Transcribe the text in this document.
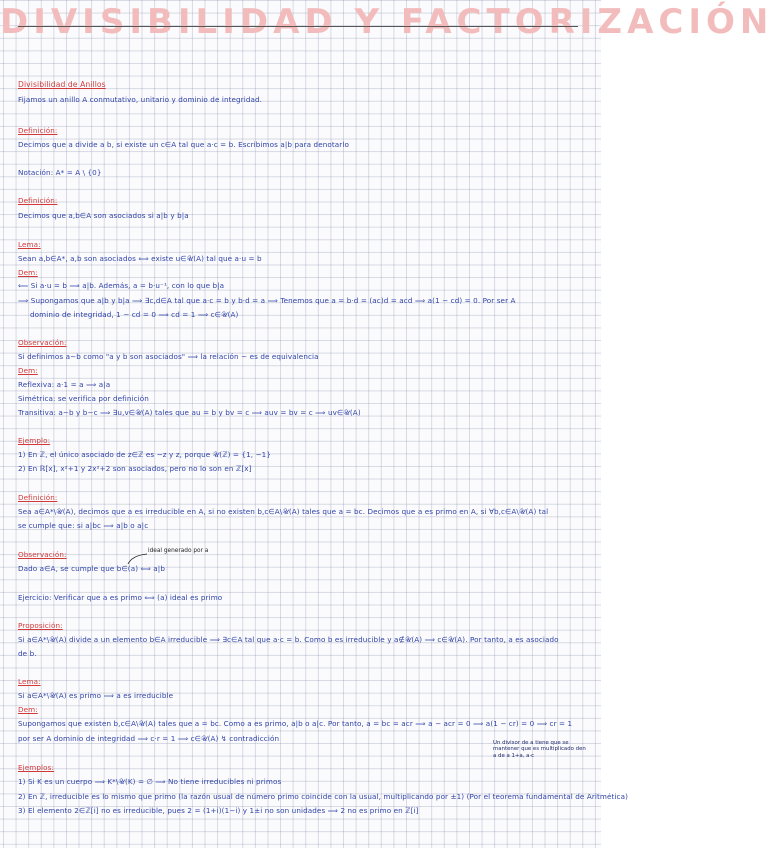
DIVISIBILIDAD Y FACTORIZACIÓN
Divisibilidad de Anillos
Fijamos un anillo A conmutativo, unitario y dominio de integridad.
Definición:
Decimos que a divide a b, si existe un c∈A tal que a·c = b. Escribimos a|b para denotarlo
Notación: A* = A \ {0}
Definición:
Decimos que a,b∈A son asociados si a|b y b|a
Lema:
Sean a,b∈A*, a,b son asociados ⟺ existe u∈𝒰(A) tal que a·u = b
Dem:
⟸ Si a·u = b ⟹ a|b. Además, a = b·u⁻¹, con lo que b|a
⟹ Supongamos que a|b y b|a ⟹ ∃c,d∈A tal que a·c = b y b·d = a ⟹ Tenemos que a = b·d = (ac)d = acd ⟹ a(1 − cd) = 0. Por ser A
dominio de integridad, 1 − cd = 0 ⟹ cd = 1 ⟹ c∈𝒰(A)
Observación:
Si definimos a∼b como "a y b son asociados" ⟹ la relación ∼ es de equivalencia
Dem:
Reflexiva: a·1 = a ⟹ a|a
Simétrica: se verifica por definición
Transitiva: a∼b y b∼c ⟹ ∃u,v∈𝒰(A) tales que au = b y bv = c ⟹ auv = bv = c ⟹ uv∈𝒰(A)
Ejemplo:
1) En ℤ, el único asociado de z∈ℤ es −z y z, porque 𝒰(ℤ) = {1, −1}
2) En ℝ[x], x²+1 y 2x²+2 son asociados, pero no lo son en ℤ[x]
Definición:
Sea a∈A*\𝒰(A), decimos que a es irreducible en A, si no existen b,c∈A\𝒰(A) tales que a = bc. Decimos que a es primo en A, si ∀b,c∈A\𝒰(A) tal
se cumple que: si a|bc ⟹ a|b o a|c
Observación:
Dado a∈A, se cumple que b∈(a) ⟺ a|b
Ejercicio: Verificar que a es primo ⟺ (a) ideal es primo
Proposición:
Si a∈A*\𝒰(A) divide a un elemento b∈A irreducible ⟹ ∃c∈A tal que a·c = b. Como b es irreducible y a∉𝒰(A) ⟹ c∈𝒰(A). Por tanto, a es asociado
de b.
Lema:
Si a∈A*\𝒰(A) es primo ⟹ a es irreducible
Dem:
Supongamos que existen b,c∈A\𝒰(A) tales que a = bc. Como a es primo, a|b o a|c. Por tanto, a = bc = acr ⟹ a − acr = 0 ⟹ a(1 − cr) = 0 ⟹ cr = 1
por ser A dominio de integridad ⟹ c·r = 1 ⟹ c∈𝒰(A) ↯ contradicción
Ejemplos:
1) Si K es un cuerpo ⟹ K*\𝒰(K) = ∅ ⟹ No tiene irreducibles ni primos
2) En ℤ, irreducible es lo mismo que primo (la razón usual de número primo coincide con la usual, multiplicando por ±1) (Por el teorema fundamental de Aritmética)
3) El elemento 2∈ℤ[i] no es irreducible, pues 2 = (1+i)(1−i) y 1±i no son unidades ⟹ 2 no es primo en ℤ[i]
ideal generado por a
Un divisor de a tiene que se mantener que es multiplicado den a de a 1+a, a·c
